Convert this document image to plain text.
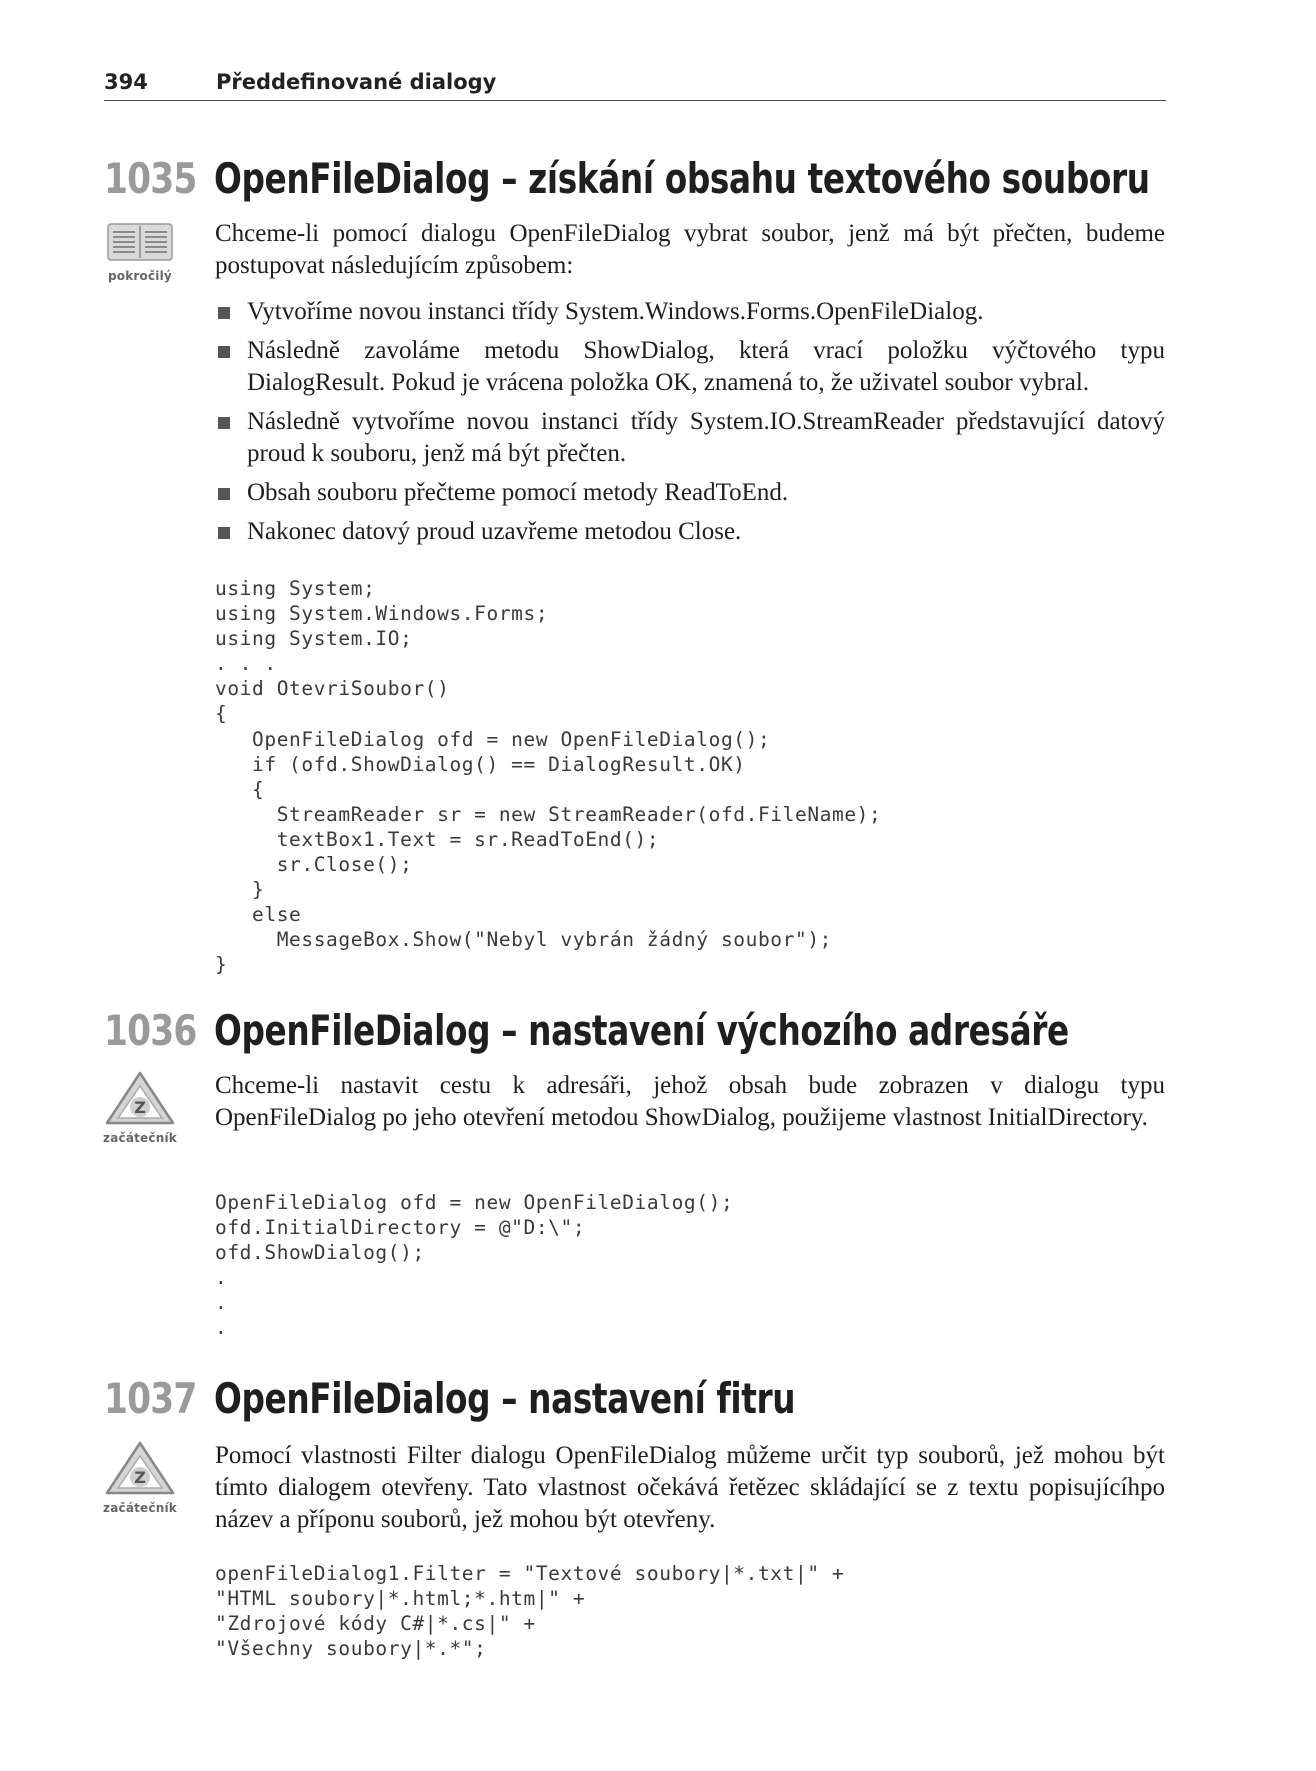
394	Předdefinované dialogy
1035 OpenFileDialog – získání obsahu textového souboru
pokročilý
Chceme-li pomocí dialogu OpenFileDialog vybrat soubor, jenž má být přečten, budeme postupovat následujícím způsobem:
Vytvoříme novou instanci třídy System.Windows.Forms.OpenFileDialog.
Následně zavoláme metodu ShowDialog, která vrací položku výčtového typu DialogResult. Pokud je vrácena položka OK, znamená to, že uživatel soubor vybral.
Následně vytvoříme novou instanci třídy System.IO.StreamReader představující datový proud k souboru, jenž má být přečten.
Obsah souboru přečteme pomocí metody ReadToEnd.
Nakonec datový proud uzavřeme metodou Close.
using System;
using System.Windows.Forms;
using System.IO;
. . .
void OtevriSoubor()
{
OpenFileDialog ofd = new OpenFileDialog();
if (ofd.ShowDialog() == DialogResult.OK)
{
StreamReader sr = new StreamReader(ofd.FileName);
textBox1.Text = sr.ReadToEnd();
sr.Close();
}
else
MessageBox.Show("Nebyl vybrán žádný soubor");
}
1036 OpenFileDialog – nastavení výchozího adresáře
Z
začátečník
Chceme-li nastavit cestu k adresáři, jehož obsah bude zobrazen v dialogu typu OpenFileDialog po jeho otevření metodou ShowDialog, použijeme vlastnost InitialDirectory.
OpenFileDialog ofd = new OpenFileDialog();
ofd.InitialDirectory = @"D:\";
ofd.ShowDialog();
.
.
.
1037 OpenFileDialog – nastavení fitru
Z
začátečník
Pomocí vlastnosti Filter dialogu OpenFileDialog můžeme určit typ souborů, jež mohou být tímto dialogem otevřeny. Tato vlastnost očekává řetězec skládající se z textu popisujícíhpo název a příponu souborů, jež mohou být otevřeny.
openFileDialog1.Filter = "Textové soubory|*.txt|" +
"HTML soubory|*.html;*.htm|" +
"Zdrojové kódy C#|*.cs|" +
"Všechny soubory|*.*";
